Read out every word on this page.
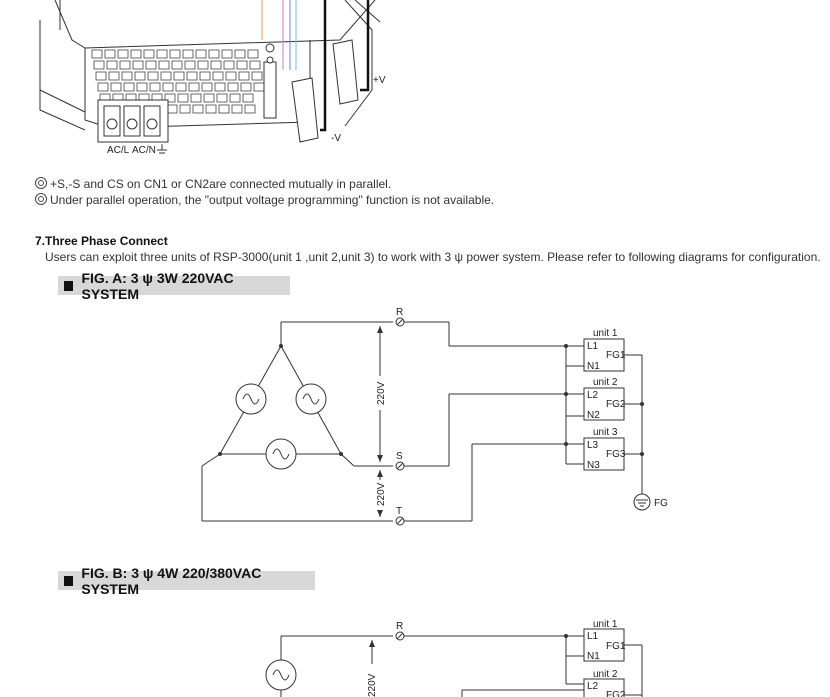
AC/L AC/N
+V
-V
+S,-S and CS on CN1 or CN2are connected mutually in parallel.
Under parallel operation, the "output voltage programming" function is not available.
7.Three Phase Connect
Users can exploit three units of RSP-3000(unit 1 ,unit 2,unit 3) to work with 3 ψ power system. Please refer to following diagrams for configuration.
FIG. A: 3 ψ 3W 220VAC SYSTEM
R
S
T
220V
220V
unit 1
L1
N1
FG1
unit 2
L2
N2
FG2
unit 3
L3
N3
FG3
FG
FIG. B: 3 ψ 4W 220/380VAC SYSTEM
R
220V
unit 1
L1
N1
FG1
unit 2
L2
FG2
